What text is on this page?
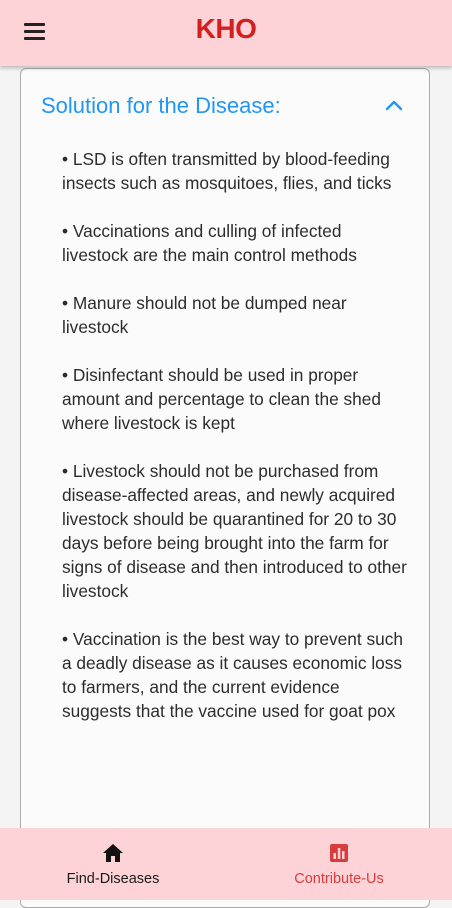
KHO
Solution for the Disease:
• LSD is often transmitted by blood-feeding insects such as mosquitoes, flies, and ticks
• Vaccinations and culling of infected livestock are the main control methods
• Manure should not be dumped near livestock
• Disinfectant should be used in proper amount and percentage to clean the shed where livestock is kept
• Livestock should not be purchased from disease-affected areas, and newly acquired livestock should be quarantined for 20 to 30 days before being brought into the farm for signs of disease and then introduced to other livestock
• Vaccination is the best way to prevent such a deadly disease as it causes economic loss to farmers, and the current evidence suggests that the vaccine used for goat pox
Find-Diseases	Contribute-Us
